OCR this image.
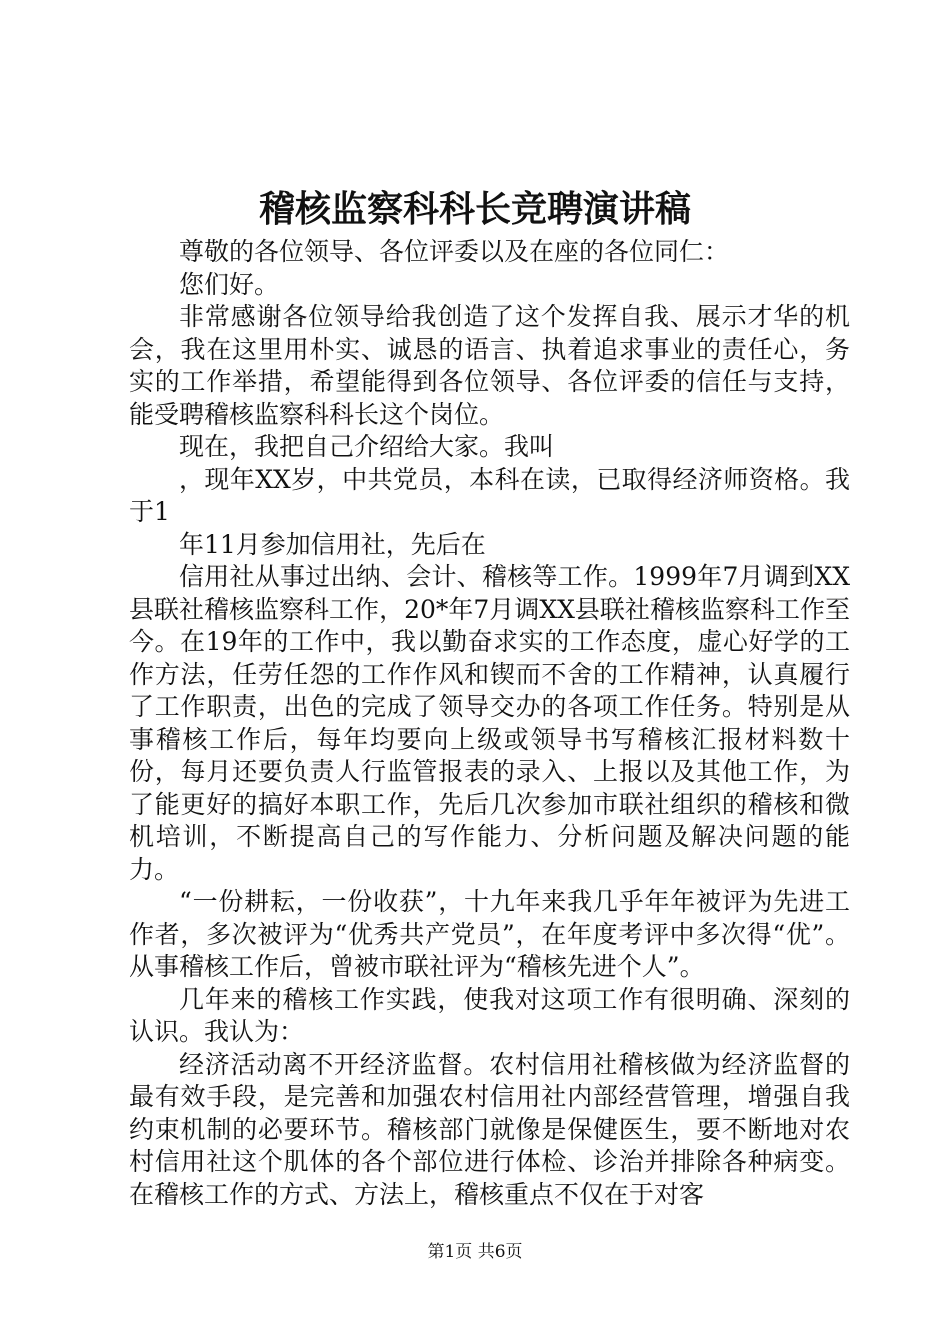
稽核监察科科长竞聘演讲稿

尊敬的各位领导、各位评委以及在座的各位同仁：

您们好。

非常感谢各位领导给我创造了这个发挥自我、展示才华的机会，我在这里用朴实、诚恳的语言、执着追求事业的责任心，务实的工作举措，希望能得到各位领导、各位评委的信任与支持，能受聘稽核监察科科长这个岗位。

现在，我把自己介绍给大家。我叫

，现年XX岁，中共党员，本科在读，已取得经济师资格。我于1

年11月参加信用社，先后在

信用社从事过出纳、会计、稽核等工作。1999年7月调到XX县联社稽核监察科工作，20*年7月调XX县联社稽核监察科工作至今。在19年的工作中，我以勤奋求实的工作态度，虚心好学的工作方法，任劳任怨的工作作风和锲而不舍的工作精神，认真履行了工作职责，出色的完成了领导交办的各项工作任务。特别是从事稽核工作后，每年均要向上级或领导书写稽核汇报材料数十份，每月还要负责人行监管报表的录入、上报以及其他工作，为了能更好的搞好本职工作，先后几次参加市联社组织的稽核和微机培训，不断提高自己的写作能力、分析问题及解决问题的能力。

“一份耕耘，一份收获”，十九年来我几乎年年被评为先进工作者，多次被评为“优秀共产党员”，在年度考评中多次得“优”。从事稽核工作后，曾被市联社评为“稽核先进个人”。

几年来的稽核工作实践，使我对这项工作有很明确、深刻的认识。我认为：

经济活动离不开经济监督。农村信用社稽核做为经济监督的最有效手段，是完善和加强农村信用社内部经营管理，增强自我约束机制的必要环节。稽核部门就像是保健医生，要不断地对农村信用社这个肌体的各个部位进行体检、诊治并排除各种病变。在稽核工作的方式、方法上，稽核重点不仅在于对客

第1页 共6页
